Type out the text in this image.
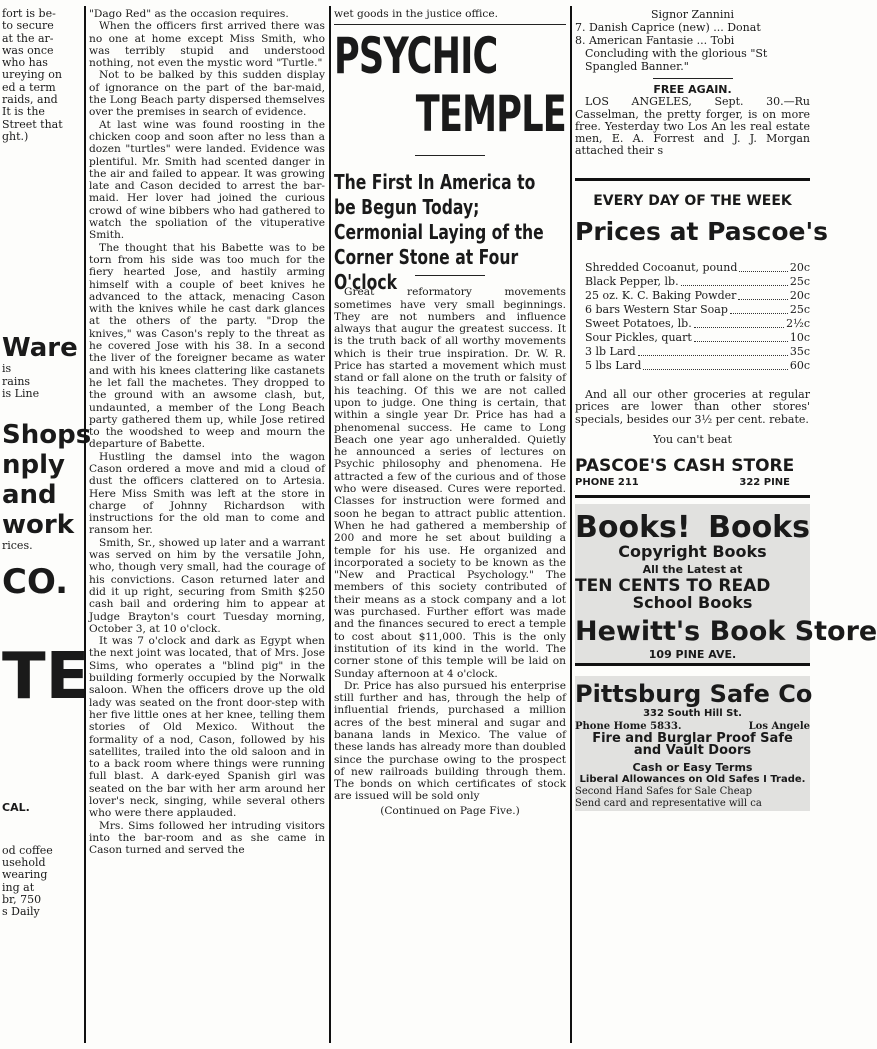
fort is be-

to secure

at the ar-

was once

who has

ureying on

ed a term

raids, and

It is the

Street that

ght.)

Ware

is

rains

is Line

Shops

nply

and

work

rices.

CO.

TE

CAL.

od coffee

usehold

wearing

ing at

br, 750

s Daily

"Dago Red" as the occasion requires.

When the officers first arrived there was no one at home except Miss Smith, who was terribly stupid and understood nothing, not even the mystic word "Turtle."

Not to be balked by this sudden display of ignorance on the part of the bar-maid, the Long Beach party dispersed themselves over the premises in search of evidence.

At last wine was found roosting in the chicken coop and soon after no less than a dozen "turtles" were landed. Evidence was plentiful. Mr. Smith had scented danger in the air and failed to appear. It was growing late and Cason decided to arrest the bar-maid. Her lover had joined the curious crowd of wine bibbers who had gathered to watch the spoliation of the vituperative Smith.

The thought that his Babette was to be torn from his side was too much for the fiery hearted Jose, and hastily arming himself with a couple of beet knives he advanced to the attack, menacing Cason with the knives while he cast dark glances at the others of the party. "Drop the knives," was Cason's reply to the threat as he covered Jose with his 38. In a second the liver of the foreigner became as water and with his knees clattering like castanets he let fall the machetes. They dropped to the ground with an awsome clash, but, undaunted, a member of the Long Beach party gathered them up, while Jose retired to the woodshed to weep and mourn the departure of Babette.

Hustling the damsel into the wagon Cason ordered a move and mid a cloud of dust the officers clattered on to Artesia. Here Miss Smith was left at the store in charge of Johnny Richardson with instructions for the old man to come and ransom her.

Smith, Sr., showed up later and a warrant was served on him by the versatile John, who, though very small, had the courage of his convictions. Cason returned later and did it up right, securing from Smith $250 cash bail and ordering him to appear at Judge Brayton's court Tuesday morning, October 3, at 10 o'clock.

It was 7 o'clock and dark as Egypt when the next joint was located, that of Mrs. Jose Sims, who operates a "blind pig" in the building formerly occupied by the Norwalk saloon. When the officers drove up the old lady was seated on the front door-step with her five little ones at her knee, telling them stories of Old Mexico. Without the formality of a nod, Cason, followed by his satellites, trailed into the old saloon and in to a back room where things were running full blast. A dark-eyed Spanish girl was seated on the bar with her arm around her lover's neck, singing, while several others who were there applauded.

Mrs. Sims followed her intruding visitors into the bar-room and as she came in Cason turned and served the

wet goods in the justice office.

PSYCHIC
TEMPLE
The First In America to be Begun Today; Cermonial Laying of the Corner Stone at Four O'clock

Great reformatory movements sometimes have very small beginnings. They are not numbers and influence always that augur the greatest success. It is the truth back of all worthy movements which is their true inspiration. Dr. W. R. Price has started a movement which must stand or fall alone on the truth or falsity of his teaching. Of this we are not called upon to judge. One thing is certain, that within a single year Dr. Price has had a phenomenal success. He came to Long Beach one year ago unheralded. Quietly he announced a series of lectures on Psychic philosophy and phenomena. He attracted a few of the curious and of those who were diseased. Cures were reported. Classes for instruction were formed and soon he began to attract public attention. When he had gathered a membership of 200 and more he set about building a temple for his use. He organized and incorporated a society to be known as the "New and Practical Psychology." The members of this society contributed of their means as a stock company and a lot was purchased. Further effort was made and the finances secured to erect a temple to cost about $11,000. This is the only institution of its kind in the world. The corner stone of this temple will be laid on Sunday afternoon at 4 o'clock.

Dr. Price has also pursued his enterprise still further and has, through the help of influential friends, purchased a million acres of the best mineral and sugar and banana lands in Mexico. The value of these lands has already more than doubled since the purchase owing to the prospect of new railroads building through them. The bonds on which certificates of stock are issued will be sold only

(Continued on Page Five.)

Signor Zannini
7. Danish Caprice (new) ... Donat
8. American Fantasie ... Tobi
Concluding with the glorious "St
Spangled Banner."
FREE AGAIN.

LOS ANGELES, Sept. 30.—Ru Casselman, the pretty forger, is on more free. Yesterday two Los An les real estate men, E. A. Forrest and J. J. Morgan attached their s

EVERY DAY OF THE WEEK
Prices at Pascoe's
Shredded Cocoanut, pound	20c
Black Pepper, lb.	25c
25 oz. K. C. Baking Powder	20c
6 bars Western Star Soap	25c
Sweet Potatoes, lb.	2½c
Sour Pickles, quart	10c
3 lb Lard	35c
5 lbs Lard	60c

And all our other groceries at regular prices are lower than other stores' specials, besides our 3½ per cent. rebate.

You can't beat
PASCOE'S CASH STORE
PHONE 211	322 PINE
Books! Books
Copyright Books
All the Latest at
TEN CENTS TO READ
School Books
Hewitt's Book Store
109 PINE AVE.
Pittsburg Safe Co
332 South Hill St.
Phone Home 5833.	Los Angele
Fire and Burglar Proof Safe
and Vault Doors
Cash or Easy Terms
Liberal Allowances on Old Safes I Trade.
Second Hand Safes for Sale Cheap
Send card and representative will ca
